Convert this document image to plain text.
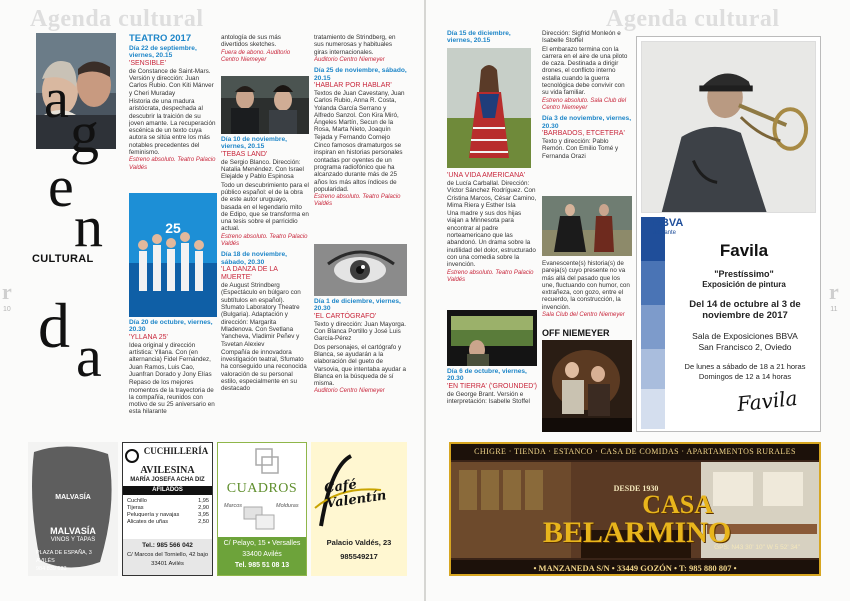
Agenda cultural	Agenda cultural
r
10
r
11
a
g
e
n
d a
CULTURAL
TEATRO 2017
Día 22 de septiembre, viernes, 20.15
'SENSIBLE'

de Constance de Saint-Mars. Versión y dirección: Juan Carlos Rubio. Con Kiti Mánver y Cheri Muraday

Historia de una madura aristócrata, despechada al descubrir la traición de su joven amante. La recuperación escénica de un texto cuya autora se sitúa entre los más notables precedentes del feminismo.

Estreno absoluto. Teatro Palacio Valdés
25
Día 20 de octubre, viernes, 20.30
'YLLANA 25'

Idea original y dirección artística: Yllana. Con (en alternancia) Fidel Fernández, Juan Ramos, Luis Cao, Juanfran Dorado y Jony Elías

Repaso de los mejores momentos de la trayectoria de la compañía, reunidos con motivo de su 25 aniversario en esta hilarante

antología de sus más divertidos sketches.

Fuera de abono. Auditorio Centro Niemeyer
Día 10 de noviembre, viernes, 20.15
'TEBAS LAND'

de Sergio Blanco. Dirección: Natalia Menéndez. Con Israel Elejalde y Pablo Espinosa

Todo un descubrimiento para el público español: el de la obra de este autor uruguayo, basada en el legendario mito de Edipo, que se transforma en una tesis sobre el parricidio actual.

Estreno absoluto. Teatro Palacio Valdés
Día 18 de noviembre, sábado, 20.30
'LA DANZA DE LA MUERTE'

de August Strindberg (Espectáculo en búlgaro con subtítulos en español). Sfumato Laboratory Theatre (Bulgaria). Adaptación y dirección: Margarita Mladenova. Con Svetlana Yancheva, Vladimir Peñev y Tsvetan Alexiev

Compañía de innovadora investigación teatral, Sfumato ha conseguido una reconocida valoración de su personal estilo, especialmente en su destacado

tratamiento de Strindberg, en sus numerosas y habituales giras internacionales.

Auditorio Centro Niemeyer
Día 25 de noviembre, sábado, 20.15
'HABLAR POR HABLAR'

Textos de Juan Cavestany, Juan Carlos Rubio, Anna R. Costa, Yolanda García Serrano y Alfredo Sanzol. Con Kira Miró, Ángeles Martín, Secun de la Rosa, Marta Nieto, Joaquín Tejada y Fernando Cornejo

Cinco famosos dramaturgos se inspiran en historias personales contadas por oyentes de un programa radiofónico que ha alcanzado durante más de 25 años los más altos índices de popularidad.

Estreno absoluto. Teatro Palacio Valdés
Día 1 de diciembre, viernes, 20.30
'EL CARTÓGRAFO'

Texto y dirección: Juan Mayorga. Con Blanca Portillo y José Luis García-Pérez

Dos personajes, el cartógrafo y Blanca, se ayudarán a la elaboración del gueto de Varsovia, que intentaba ayudar a Blanca en la búsqueda de sí misma.

Auditorio Centro Niemeyer
Día 15 de diciembre, viernes, 20.15
'UNA VIDA AMERICANA'

de Lucía Carballal. Dirección: Víctor Sánchez Rodríguez. Con Cristina Marcos, César Camino, Mima Riera y Esther Isla

Una madre y sus dos hijas viajan a Minnesota para encontrar al padre norteamericano que las abandonó. Un drama sobre la inutilidad del dolor, estructurado con una comedia sobre la invención.

Estreno absoluto. Teatro Palacio Valdés
Día 6 de octubre, viernes, 20.30
'EN TIERRA' ('GROUNDED')

de George Brant. Versión e interpretación: Isabelle Stoffel

Dirección: Sigfrid Monleón e Isabelle Stoffel

El embarazo termina con la carrera en el aire de una piloto de caza. Destinada a dirigir drones, el conflicto interno estalla cuando la guerra tecnológica debe convivir con su vida familiar.

Estreno absoluto. Sala Club del Centro Niemeyer
Día 3 de noviembre, viernes, 20.30
'BARBADOS, ETCETERA'

Texto y dirección: Pablo Remón. Con Emilio Tomé y Fernanda Orazi

Evanescente(s) historia(s) de pareja(s) cuyo presente no va más allá del pasado que los une, fluctuando con humor, con extrañeza, con gozo, entre el recuerdo, la construcción, la invención.

Sala Club del Centro Niemeyer
OFF NIEMEYER
BBVA
adelante
Favila
"Prestíssimo"
Exposición de pintura
Del 14 de octubre al 3 de noviembre de 2017
Sala de Exposiciones BBVA
San Francisco 2, Oviedo
De lunes a sábado de 18 a 21 horas
Domingos de 12 a 14 horas
Favila
MALVASÍA
MALVASÍA
VINOS Y TAPAS
PLAZA DE ESPAÑA, 3
AVILÉS
984 839 633
CUCHILLERÍA
AVILESINA
MARÍA JOSEFA ACHA DIZ
AFILADOS
Cuchillo	1,95
Tijeras	2,90
Peluquería y navajas	3,95
Alicates de uñas	2,50
Tel.: 985 566 042
C/ Marcos del Torniello, 42 bajo
33401 Avilés
CUADROS
Marcos	Molduras
C/ Pelayo, 15 • Versalles
33400 Avilés
Tel. 985 51 08 13
Café Valentín
Palacio Valdés, 23
985549217
CHIGRE · TIENDA · ESTANCO · CASA DE COMIDAS · APARTAMENTOS RURALES
DESDE 1930
CASA
BELARMINO
GPS: N43 30' 10" W 5 52' 34"
• MANZANEDA S/N • 33449 GOZÓN • T: 985 880 807 •
